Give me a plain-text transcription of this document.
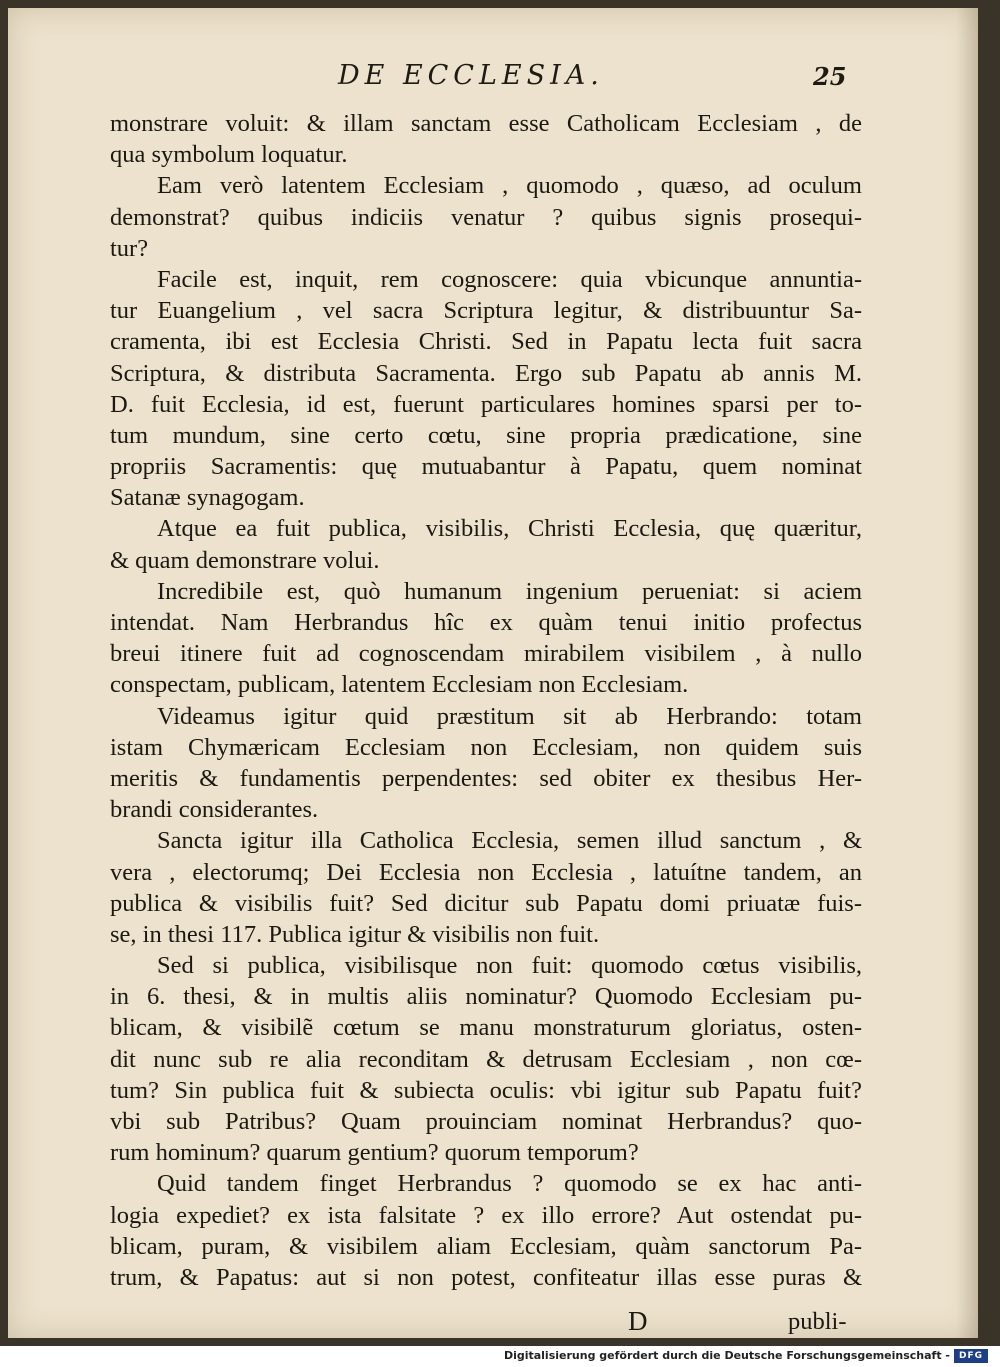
DE ECCLESIA.	25
monstrare voluit: & illam sanctam esse Catholicam Ecclesiam , de
qua symbolum loquatur.
Eam verò latentem Ecclesiam , quomodo , quæso, ad oculum
demonstrat? quibus indiciis venatur ? quibus signis prosequi-
tur?
Facile est, inquit, rem cognoscere: quia vbicunque annuntia-
tur Euangelium , vel sacra Scriptura legitur, & distribuuntur Sa-
cramenta, ibi est Ecclesia Christi. Sed in Papatu lecta fuit sacra
Scriptura, & distributa Sacramenta. Ergo sub Papatu ab annis M.
D. fuit Ecclesia, id est, fuerunt particulares homines sparsi per to-
tum mundum, sine certo cœtu, sine propria prædicatione, sine
propriis Sacramentis: quę mutuabantur à Papatu, quem nominat
Satanæ synagogam.
Atque ea fuit publica, visibilis, Christi Ecclesia, quę quæritur,
& quam demonstrare volui.
Incredibile est, quò humanum ingenium perueniat: si aciem
intendat. Nam Herbrandus hîc ex quàm tenui initio profectus
breui itinere fuit ad cognoscendam mirabilem visibilem , à nullo
conspectam, publicam, latentem Ecclesiam non Ecclesiam.
Videamus igitur quid præstitum sit ab Herbrando: totam
istam Chymæricam Ecclesiam non Ecclesiam, non quidem suis
meritis & fundamentis perpendentes: sed obiter ex thesibus Her-
brandi considerantes.
Sancta igitur illa Catholica Ecclesia, semen illud sanctum , &
vera , electorumq; Dei Ecclesia non Ecclesia , latuítne tandem, an
publica & visibilis fuit? Sed dicitur sub Papatu domi priuatæ fuis-
se, in thesi 117. Publica igitur & visibilis non fuit.
Sed si publica, visibilisque non fuit: quomodo cœtus visibilis,
in 6. thesi, & in multis aliis nominatur? Quomodo Ecclesiam pu-
blicam, & visibilẽ cœtum se manu monstraturum gloriatus, osten-
dit nunc sub re alia reconditam & detrusam Ecclesiam , non cœ-
tum? Sin publica fuit & subiecta oculis: vbi igitur sub Papatu fuit?
vbi sub Patribus? Quam prouinciam nominat Herbrandus? quo-
rum hominum? quarum gentium? quorum temporum?
Quid tandem finget Herbrandus ? quomodo se ex hac anti-
logia expediet? ex ista falsitate ? ex illo errore? Aut ostendat pu-
blicam, puram, & visibilem aliam Ecclesiam, quàm sanctorum Pa-
trum, & Papatus: aut si non potest, confiteatur illas esse puras &
D	publi-
Digitalisierung gefördert durch die Deutsche Forschungsgemeinschaft - DFG
